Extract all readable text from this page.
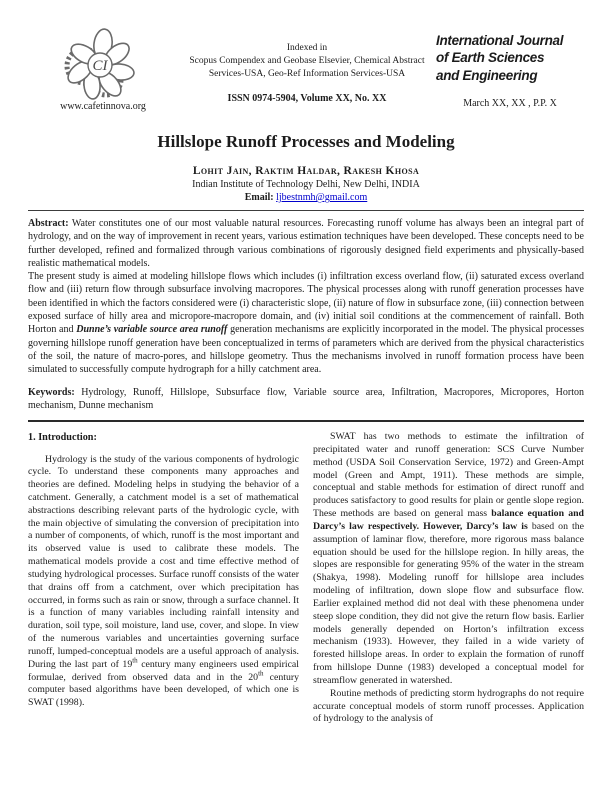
CI
www.cafetinnova.org
Indexed in
Scopus Compendex and Geobase Elsevier, Chemical Abstract
Services-USA, Geo-Ref Information Services-USA
ISSN 0974-5904, Volume XX, No. XX
International Journal
of Earth Sciences
and Engineering
March XX, XX , P.P. X
Hillslope Runoff Processes and Modeling
Lohit Jain, Raktim Haldar, Rakesh Khosa
Indian Institute of Technology Delhi, New Delhi, INDIA
Email: ljbestnmh@gmail.com

Abstract: Water constitutes one of our most valuable natural resources. Forecasting runoff volume has always been an integral part of hydrology, and on the way of improvement in recent years, various estimation techniques have been developed. These concepts need to be further developed, refined and formalized through various combinations of rigorously designed field experiments and physically-based realistic mathematical models.

The present study is aimed at modeling hillslope flows which includes (i) infiltration excess overland flow, (ii) saturated excess overland flow and (iii) return flow through subsurface involving macropores. The physical processes along with runoff generation processes have been identified in which the factors considered were (i) characteristic slope, (ii) nature of flow in subsurface zone, (iii) connection between exposed surface of hilly area and micropore-macropore domain, and (iv) initial soil conditions at the commencement of rainfall. Both Horton and Dunne’s variable source area runoff generation mechanisms are explicitly incorporated in the model. The physical processes governing hillslope runoff generation have been conceptualized in terms of parameters which are derived from the physical characteristics of the soil, the nature of macro-pores, and hillslope geometry. Thus the mechanisms involved in runoff formation process have been simulated to successfully compute hydrograph for a hilly catchment area.

Keywords: Hydrology, Runoff, Hillslope, Subsurface flow, Variable source area, Infiltration, Macropores, Micropores, Horton mechanism, Dunne mechanism
1. Introduction:

Hydrology is the study of the various components of hydrologic cycle. To understand these components many approaches and theories are defined. Modeling helps in studying the behavior of a catchment. Generally, a catchment model is a set of mathematical abstractions describing relevant parts of the hydrologic cycle, with the main objective of simulating the conversion of precipitation into a number of components, of which, runoff is the most important and its observed value is used to calibrate these models. The mathematical models provide a cost and time effective method of studying hydrological processes. Surface runoff consists of the water that drains off from a catchment, over which precipitation has occurred, in forms such as rain or snow, through a surface channel. It is a function of many variables including rainfall intensity and duration, soil type, soil moisture, land use, cover, and slope. In view of the numerous variables and uncertainties governing surface runoff, lumped-conceptual models are a useful approach of analysis. During the last part of 19th century many engineers used empirical formulae, derived from observed data and in the 20th century computer based algorithms have been developed, of which one is SWAT (1998).

SWAT has two methods to estimate the infiltration of precipitated water and runoff generation: SCS Curve Number method (USDA Soil Conservation Service, 1972) and Green-Ampt model (Green and Ampt, 1911). These methods are simple, conceptual and stable methods for estimation of direct runoff and produces satisfactory to good results for plain or gentle slope region. These methods are based on general mass balance equation and Darcy’s law respectively. However, Darcy’s law is based on the assumption of laminar flow, therefore, more rigorous mass balance equation should be used for the hillslope region. In hilly areas, the slopes are responsible for generating 95% of the water in the stream (Shakya, 1998). Modeling runoff for hillslope area includes modeling of infiltration, down slope flow and subsurface flow. Earlier explained method did not deal with these phenomena under steep slope condition, they did not give the return flow basis. Earlier models generally depended on Horton’s infiltration excess mechanism (1933). However, they failed in a wide variety of forested hillslope areas. In order to explain the formation of runoff from hillslope Dunne (1983) developed a conceptual model for streamflow generated in watershed.

Routine methods of predicting storm hydrographs do not require accurate conceptual models of storm runoff processes. Application of hydrology to the analysis of
